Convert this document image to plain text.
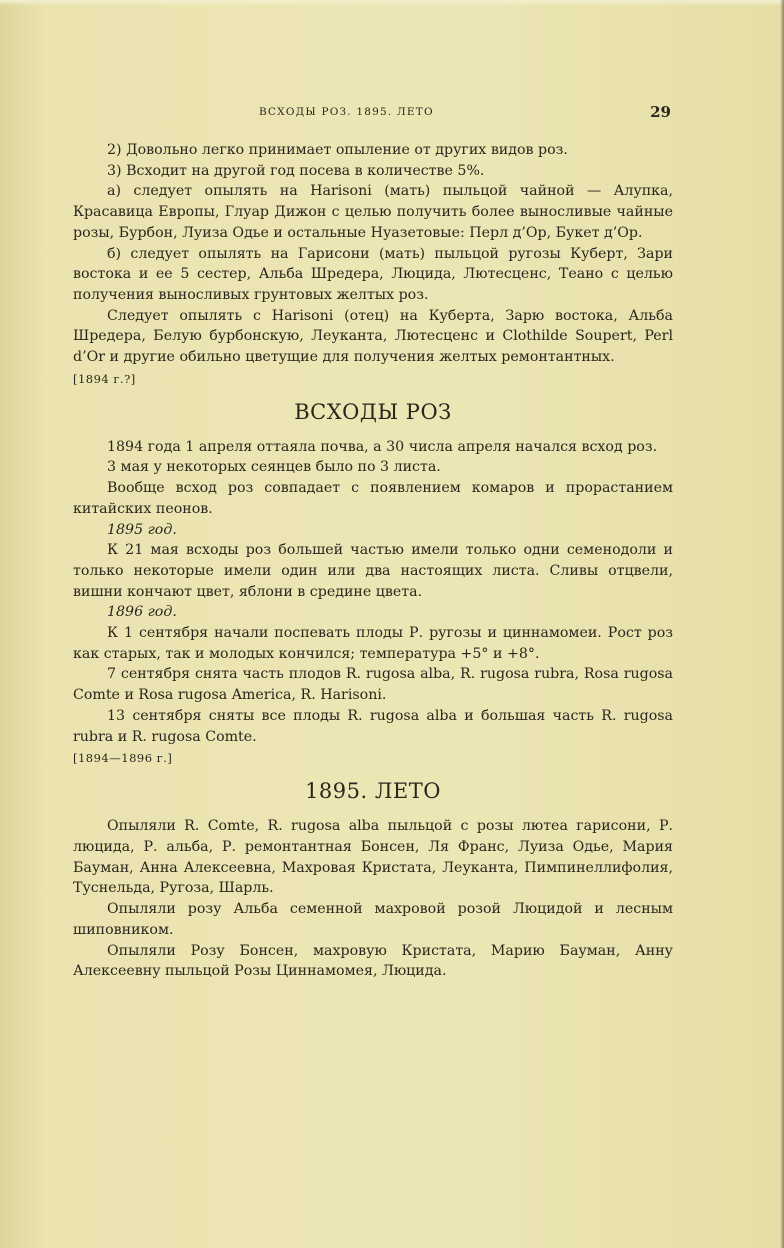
ВСХОДЫ РОЗ. 1895. ЛЕТО	29

2) Довольно легко принимает опыление от других видов роз.

3) Всходит на другой год посева в количестве 5%.

а) следует опылять на Harisoni (мать) пыльцой чайной — Алупка, Красавица Европы, Глуар Дижон с целью получить более выносливые чайные розы, Бурбон, Луиза Одье и остальные Нуазетовые: Перл д’Ор, Букет д’Ор.

б) следует опылять на Гарисони (мать) пыльцой ругозы Куберт, Зари востока и ее 5 сестер, Альба Шредера, Люцида, Лютесценс, Теано с целью получения выносливых грунтовых желтых роз.

Следует опылять с Harisoni (отец) на Куберта, Зарю востока, Альба Шредера, Белую бурбонскую, Леуканта, Лютесценс и Clothilde Soupert, Perl d’Or и другие обильно цветущие для получения желтых ремонтантных.

[1894 г.?]

ВСХОДЫ РОЗ

1894 года 1 апреля оттаяла почва, а 30 числа апреля начался всход роз.

3 мая у некоторых сеянцев было по 3 листа.

Вообще всход роз совпадает с появлением комаров и прорастанием китайских пеонов.

1895 год.

К 21 мая всходы роз большей частью имели только одни семенодоли и только некоторые имели один или два настоящих листа. Сливы отцвели, вишни кончают цвет, яблони в средине цвета.

1896 год.

К 1 сентября начали поспевать плоды Р. ругозы и циннамомеи. Рост роз как старых, так и молодых кончился; температура +5° и +8°.

7 сентября снята часть плодов R. rugosa alba, R. rugosa rubra, Rosa rugosa Comte и Rosa rugosa America, R. Harisoni.

13 сентября сняты все плоды R. rugosa alba и большая часть R. rugosa rubra и R. rugosa Comte.

[1894—1896 г.]

1895. ЛЕТО

Опыляли R. Comte, R. rugosa alba пыльцой с розы лютеа гарисони, Р. люцида, Р. альба, Р. ремонтантная Бонсен, Ля Франс, Луиза Одье, Мария Бауман, Анна Алексеевна, Махровая Кристата, Леуканта, Пимпинеллифолия, Туснельда, Ругоза, Шарль.

Опыляли розу Альба семенной махровой розой Люцидой и лесным шиповником.

Опыляли Розу Бонсен, махровую Кристата, Марию Бауман, Анну Алексеевну пыльцой Розы Циннамомея, Люцида.
